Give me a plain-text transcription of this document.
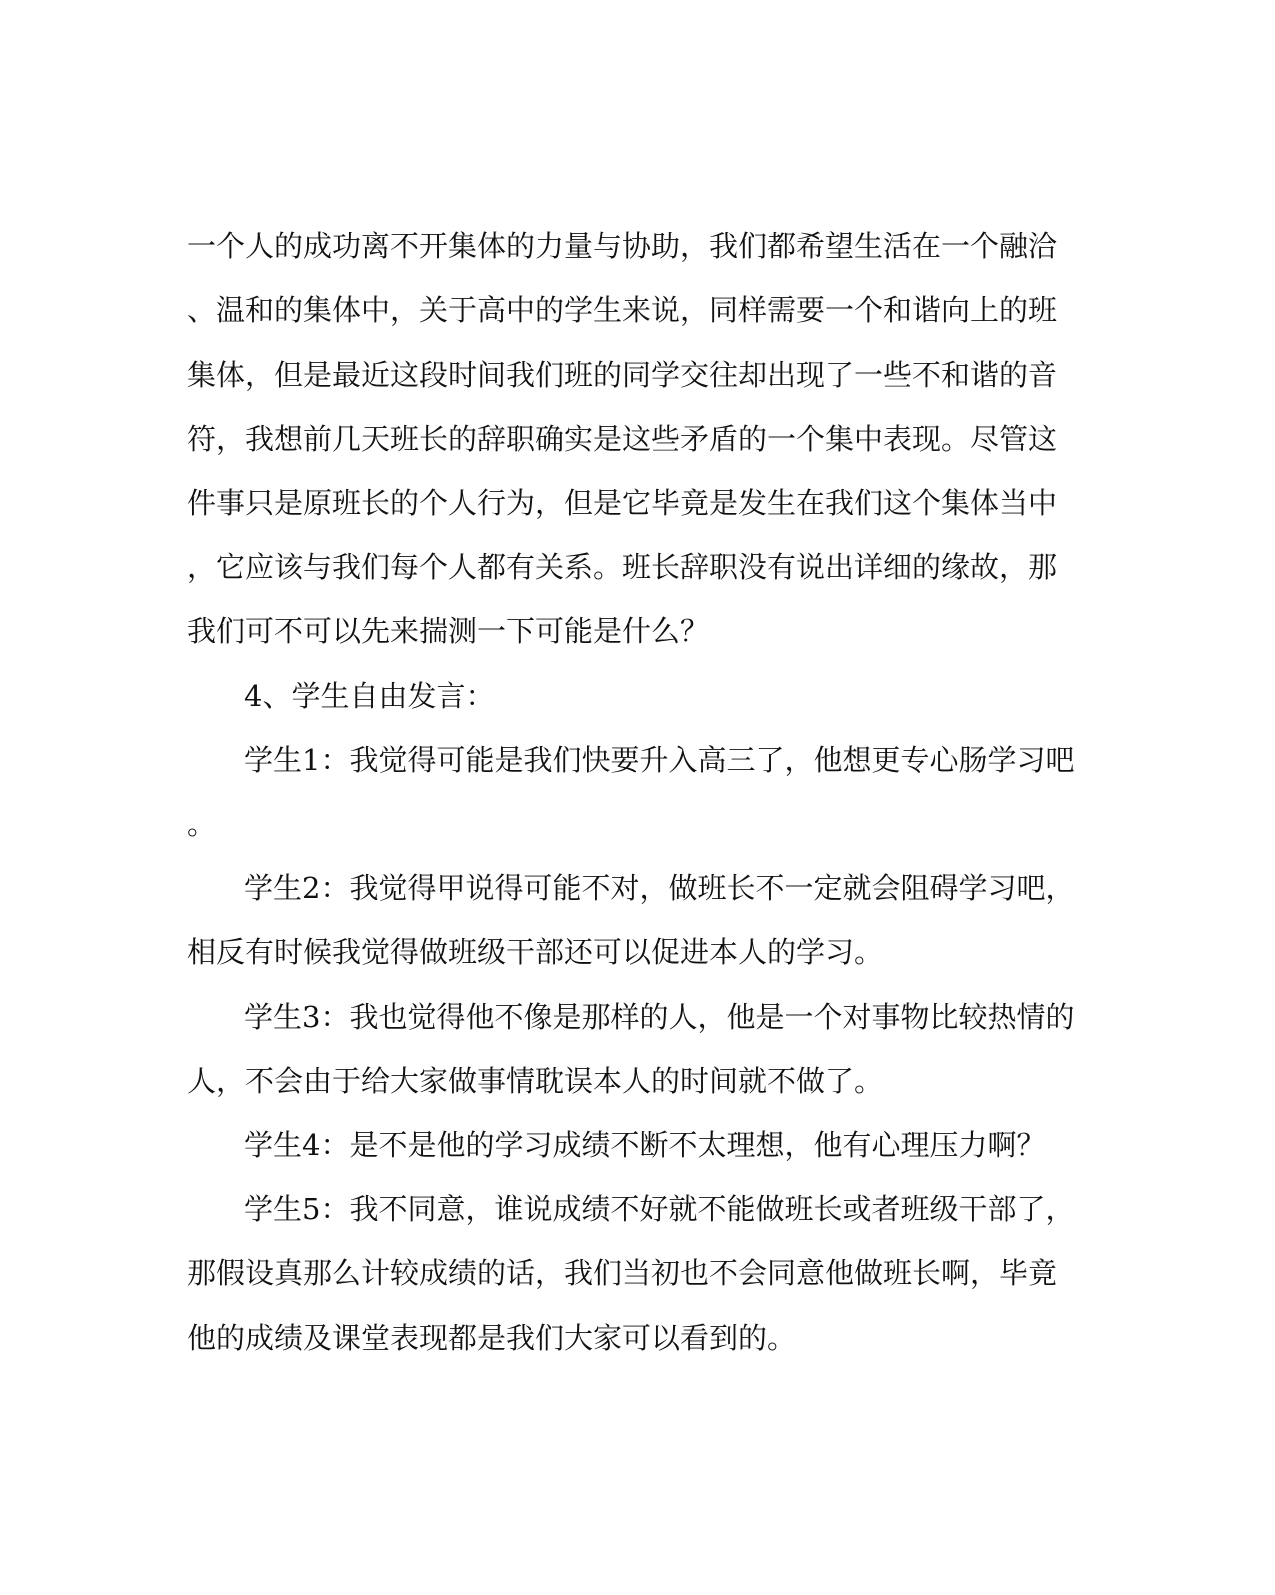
一个人的成功离不开集体的力量与协助，我们都希望生活在一个融洽

、温和的集体中，关于高中的学生来说，同样需要一个和谐向上的班

集体，但是最近这段时间我们班的同学交往却出现了一些不和谐的音

符，我想前几天班长的辞职确实是这些矛盾的一个集中表现。尽管这

件事只是原班长的个人行为，但是它毕竟是发生在我们这个集体当中

，它应该与我们每个人都有关系。班长辞职没有说出详细的缘故，那

我们可不可以先来揣测一下可能是什么？

4、学生自由发言：

学生1：我觉得可能是我们快要升入高三了，他想更专心肠学习吧

。

学生2：我觉得甲说得可能不对，做班长不一定就会阻碍学习吧，

相反有时候我觉得做班级干部还可以促进本人的学习。

学生3：我也觉得他不像是那样的人，他是一个对事物比较热情的

人，不会由于给大家做事情耽误本人的时间就不做了。

学生4：是不是他的学习成绩不断不太理想，他有心理压力啊？

学生5：我不同意，谁说成绩不好就不能做班长或者班级干部了，

那假设真那么计较成绩的话，我们当初也不会同意他做班长啊，毕竟

他的成绩及课堂表现都是我们大家可以看到的。
